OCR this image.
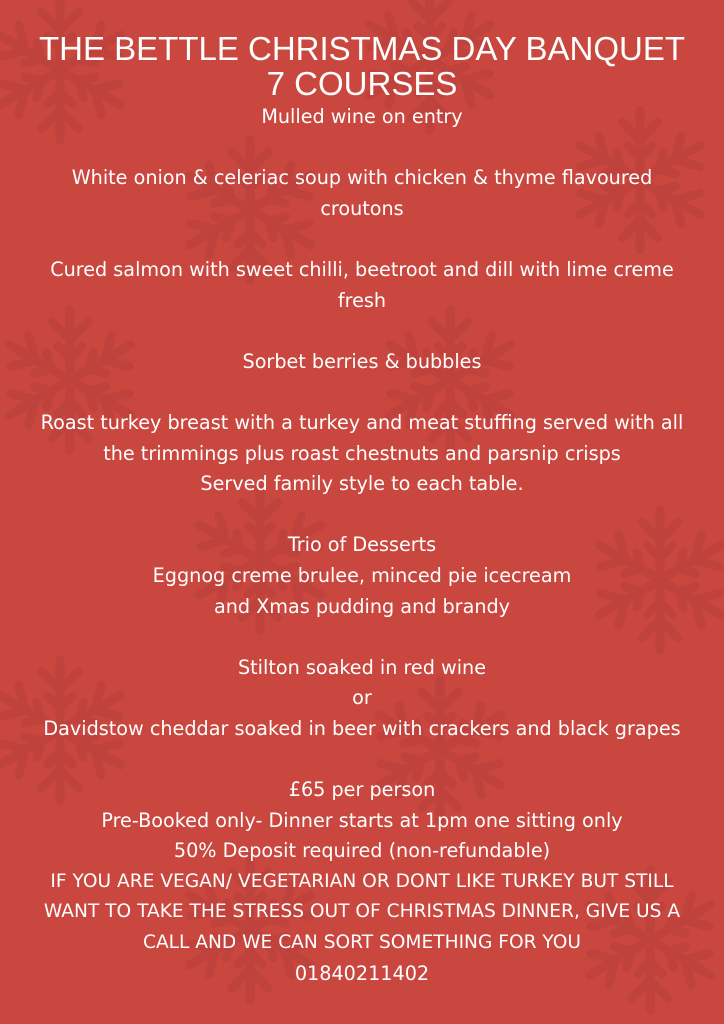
THE BETTLE CHRISTMAS DAY BANQUET
7 COURSES
Mulled wine on entry
White onion & celeriac soup with chicken & thyme flavoured
croutons
Cured salmon with sweet chilli, beetroot and dill with lime creme
fresh
Sorbet berries & bubbles
Roast turkey breast with a turkey and meat stuffing served with all
the trimmings plus roast chestnuts and parsnip crisps
Served family style to each table.
Trio of Desserts
Eggnog creme brulee, minced pie icecream
and Xmas pudding and brandy
Stilton soaked in red wine
or
Davidstow cheddar soaked in beer with crackers and black grapes
£65 per person
Pre-Booked only- Dinner starts at 1pm one sitting only
50% Deposit required (non-refundable)
IF YOU ARE VEGAN/ VEGETARIAN OR DONT LIKE TURKEY BUT STILL
WANT TO TAKE THE STRESS OUT OF CHRISTMAS DINNER, GIVE US A
CALL AND WE CAN SORT SOMETHING FOR YOU
01840211402
